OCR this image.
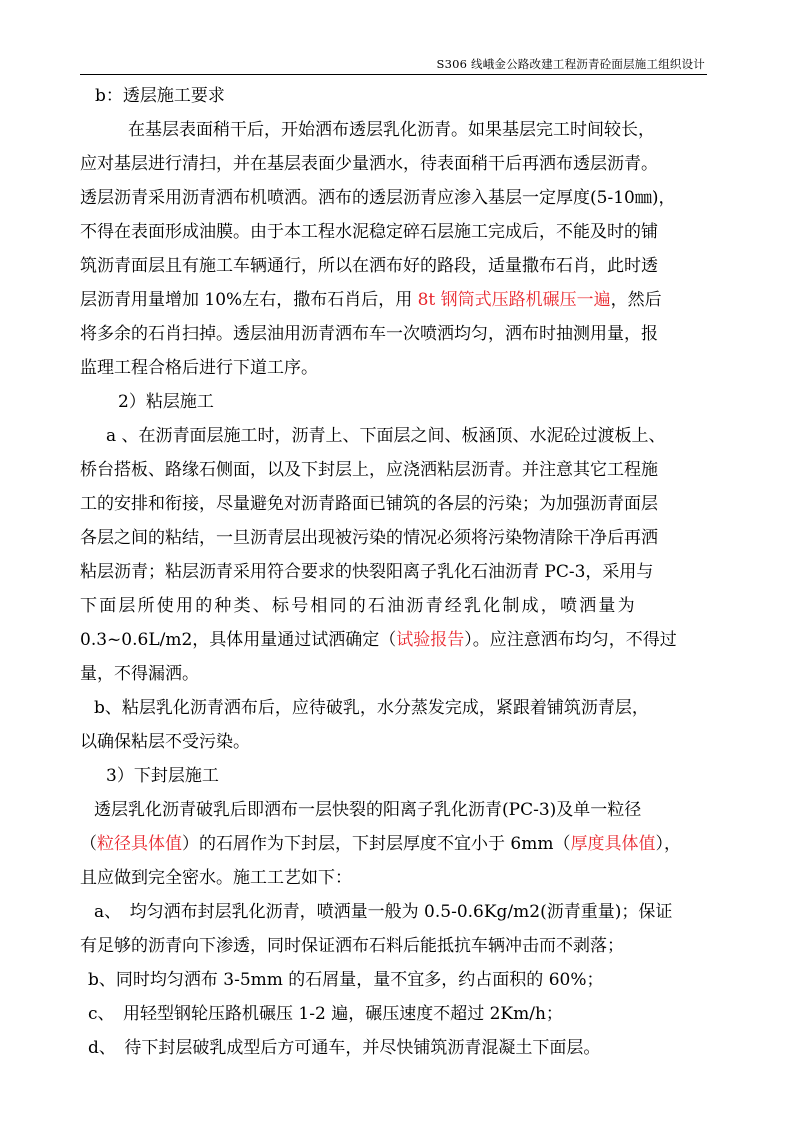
S306 线峨金公路改建工程沥青砼面层施工组织设计
b：透层施工要求
在基层表面稍干后，开始洒布透层乳化沥青。如果基层完工时间较长，
应对基层进行清扫，并在基层表面少量洒水，待表面稍干后再洒布透层沥青。
透层沥青采用沥青洒布机喷洒。洒布的透层沥青应渗入基层一定厚度(5-10㎜)，
不得在表面形成油膜。由于本工程水泥稳定碎石层施工完成后，不能及时的铺
筑沥青面层且有施工车辆通行，所以在洒布好的路段，适量撒布石肖，此时透
层沥青用量增加 10%左右，撒布石肖后，用 8t 钢筒式压路机碾压一遍，然后
将多余的石肖扫掉。透层油用沥青洒布车一次喷洒均匀，洒布时抽测用量，报
监理工程合格后进行下道工序。
2）粘层施工
a 、在沥青面层施工时，沥青上、下面层之间、板涵顶、水泥砼过渡板上、
桥台搭板、路缘石侧面，以及下封层上，应浇洒粘层沥青。并注意其它工程施
工的安排和衔接，尽量避免对沥青路面已铺筑的各层的污染；为加强沥青面层
各层之间的粘结，一旦沥青层出现被污染的情况必须将污染物清除干净后再洒
粘层沥青；粘层沥青采用符合要求的快裂阳离子乳化石油沥青 PC-3，采用与
下面层所使用的种类、标号相同的石油沥青经乳化制成，喷洒量为
0.3~0.6L/m2，具体用量通过试洒确定（试验报告）。应注意洒布均匀，不得过
量，不得漏洒。
b、粘层乳化沥青洒布后，应待破乳，水分蒸发完成，紧跟着铺筑沥青层，
以确保粘层不受污染。
3）下封层施工
透层乳化沥青破乳后即洒布一层快裂的阳离子乳化沥青(PC-3)及单一粒径
（粒径具体值）的石屑作为下封层，下封层厚度不宜小于 6mm（厚度具体值），
且应做到完全密水。施工工艺如下：
a、　均匀洒布封层乳化沥青，喷洒量一般为 0.5-0.6Kg/m2(沥青重量)；保证
有足够的沥青向下渗透，同时保证洒布石料后能抵抗车辆冲击而不剥落；
b、同时均匀洒布 3-5mm 的石屑量，量不宜多，约占面积的 60%；
c、　用轻型钢轮压路机碾压 1-2 遍，碾压速度不超过 2Km/h；
d、　待下封层破乳成型后方可通车，并尽快铺筑沥青混凝土下面层。
